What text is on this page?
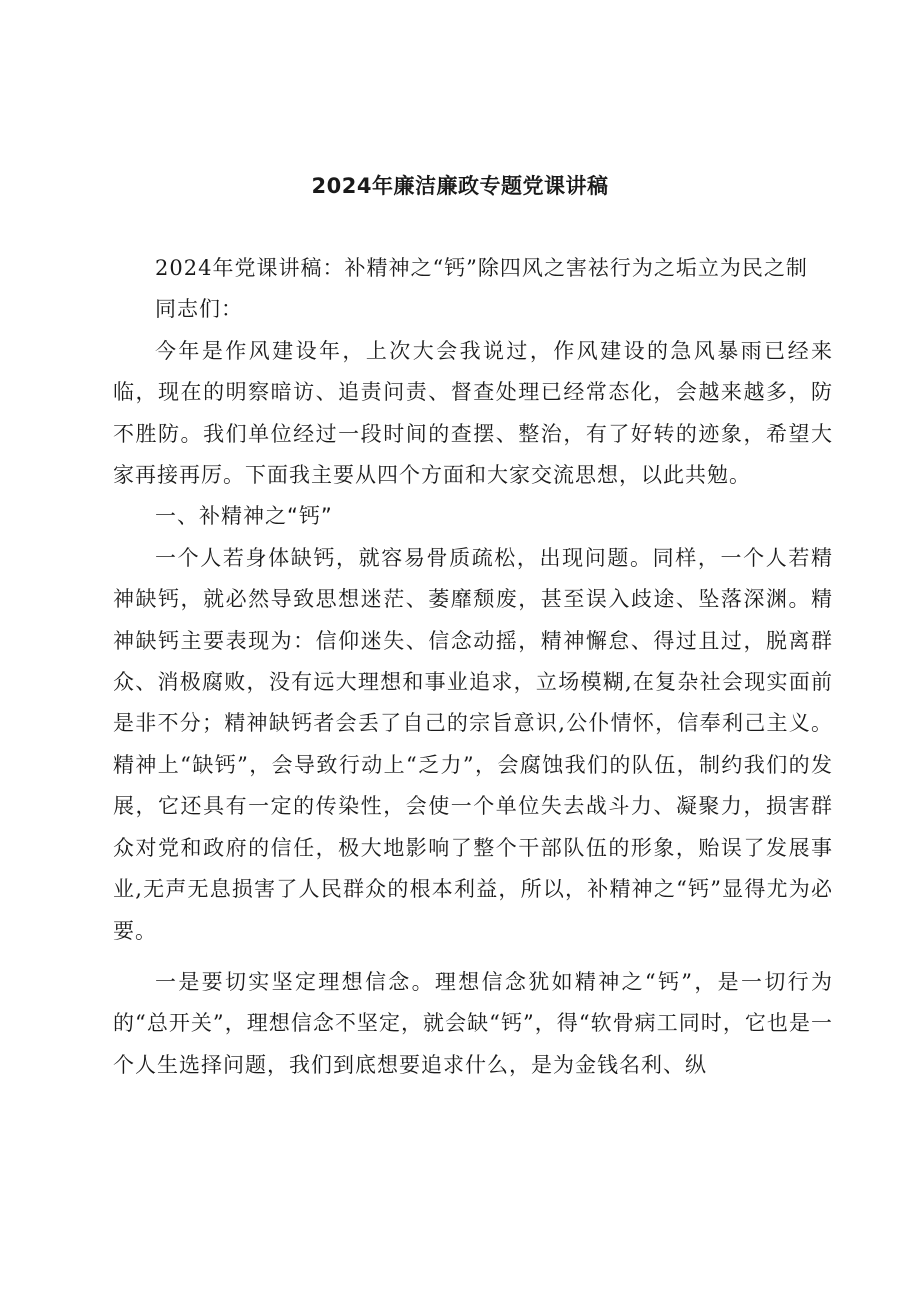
2024年廉洁廉政专题党课讲稿

2024年党课讲稿：补精神之“钙”除四风之害祛行为之垢立为民之制

同志们：

今年是作风建设年，上次大会我说过，作风建设的急风暴雨已经来临，现在的明察暗访、追责问责、督查处理已经常态化，会越来越多，防不胜防。我们单位经过一段时间的查摆、整治，有了好转的迹象，希望大家再接再厉。下面我主要从四个方面和大家交流思想，以此共勉。

一、补精神之“钙”

一个人若身体缺钙，就容易骨质疏松，出现问题。同样，一个人若精神缺钙，就必然导致思想迷茫、萎靡颓废，甚至误入歧途、坠落深渊。精神缺钙主要表现为：信仰迷失、信念动摇，精神懈怠、得过且过，脱离群众、消极腐败，没有远大理想和事业追求，立场模糊,在复杂社会现实面前是非不分；精神缺钙者会丢了自己的宗旨意识,公仆情怀，信奉利己主义。精神上“缺钙”，会导致行动上“乏力”，会腐蚀我们的队伍，制约我们的发展，它还具有一定的传染性，会使一个单位失去战斗力、凝聚力，损害群众对党和政府的信任，极大地影响了整个干部队伍的形象，贻误了发展事业,无声无息损害了人民群众的根本利益，所以，补精神之“钙”显得尤为必要。

一是要切实坚定理想信念。理想信念犹如精神之“钙”，是一切行为的“总开关”，理想信念不坚定，就会缺“钙”，得“软骨病工同时，它也是一个人生选择问题，我们到底想要追求什么，是为金钱名利、纵
